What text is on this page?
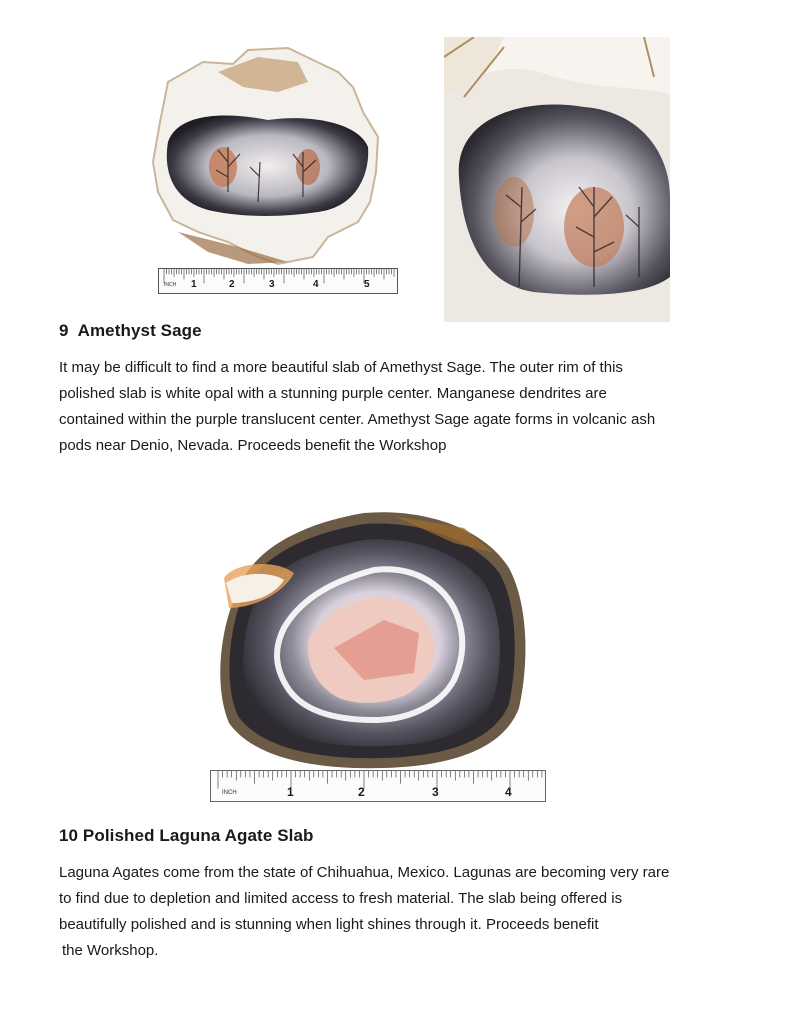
INCH 1	2	3	4	5
9  Amethyst Sage
It may be difficult to find a more beautiful slab of Amethyst Sage. The outer rim of this
polished slab is white opal with a stunning purple center. Manganese dendrites are
contained within the purple translucent center. Amethyst Sage agate forms in volcanic ash
pods near Denio, Nevada. Proceeds benefit the Workshop
INCH	1	2	3	4
10 Polished Laguna Agate Slab
Laguna Agates come from the state of Chihuahua, Mexico. Lagunas are becoming very rare
to find due to depletion and limited access to fresh material. The slab being offered is
beautifully polished and is stunning when light shines through it. Proceeds benefit
the Workshop.
